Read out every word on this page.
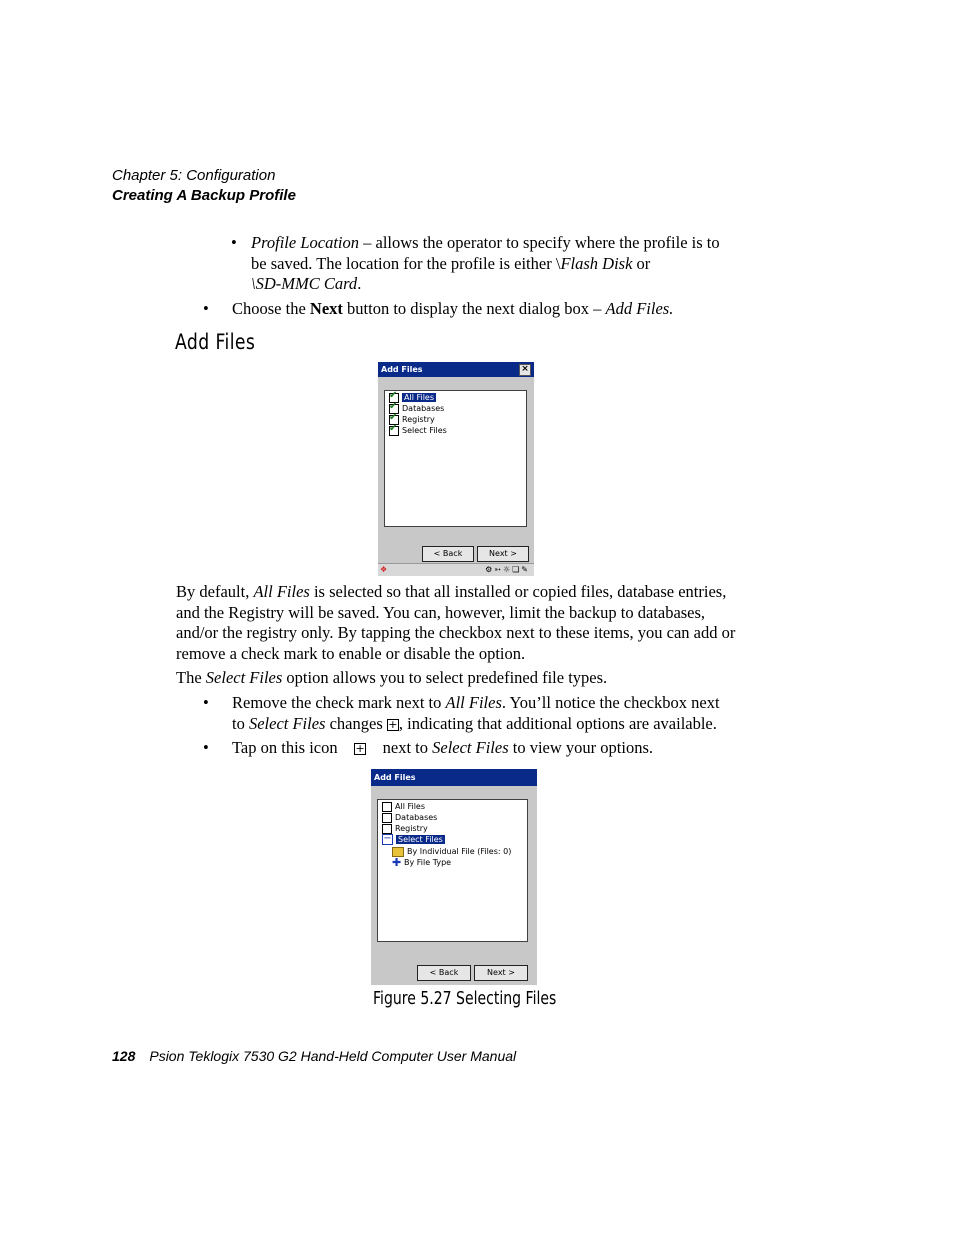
Chapter 5: Configuration
Creating A Backup Profile
• Profile Location – allows the operator to specify where the profile is to
be saved. The location for the profile is either \Flash Disk or
\SD-MMC Card.
• Choose the Next button to display the next dialog box – Add Files.
Add Files
Add Files	×
✔All Files
✔Databases
✔Registry
✔Select Files
< Back	Next >
❖	⚙➳☼❏✎
By default, All Files is selected so that all installed or copied files, database entries,
and the Registry will be saved. You can, however, limit the backup to databases,
and/or the registry only. By tapping the checkbox next to these items, you can add or
remove a check mark to enable or disable the option.
The Select Files option allows you to select predefined file types.
• Remove the check mark next to All Files. You’ll notice the checkbox next
to Select Files changes +, indicating that additional options are available.
• Tap on this icon    +    next to Select Files to view your options.
Add Files
All Files
Databases
Registry
− Select Files
By Individual File (Files: 0)
✚ By File Type
< Back	Next >
Figure 5.27 Selecting Files
128 Psion Teklogix 7530 G2 Hand-Held Computer User Manual
